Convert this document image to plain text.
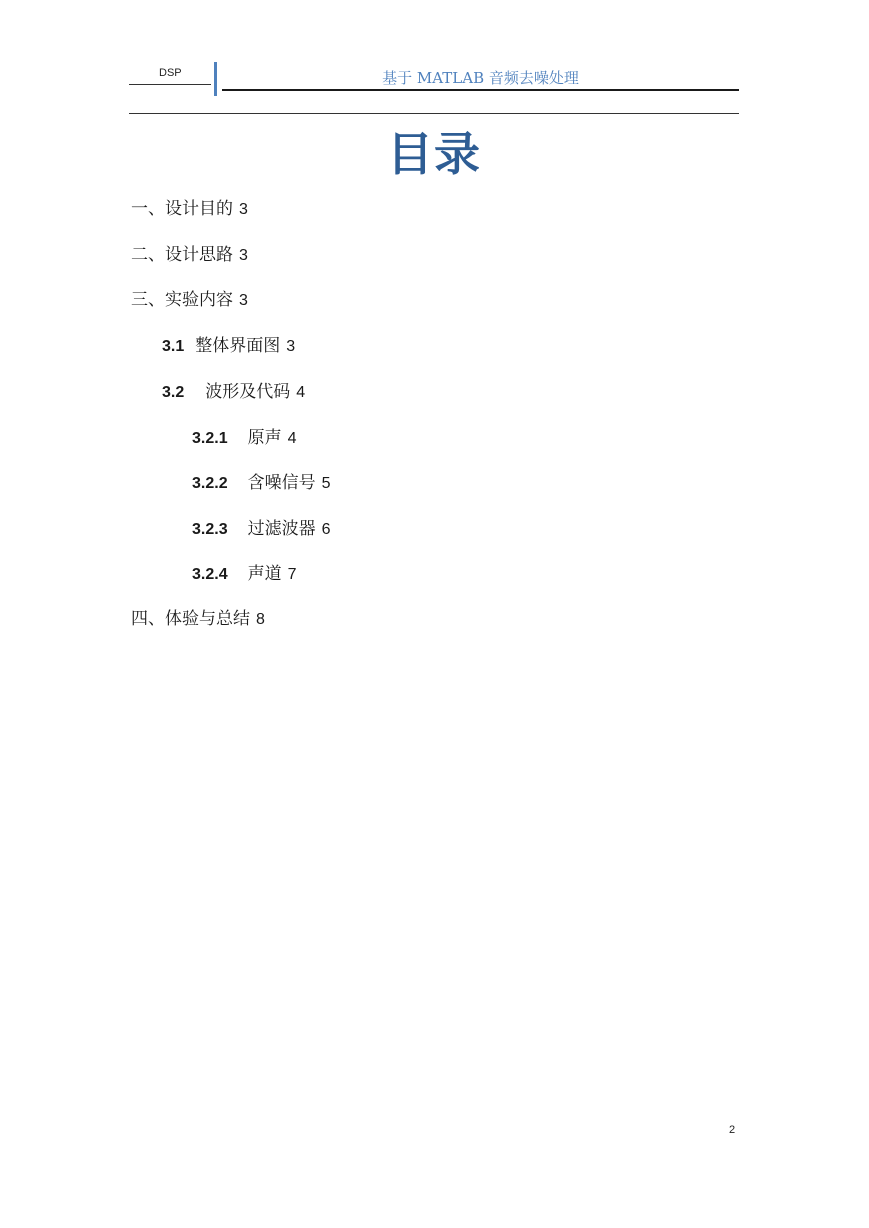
DSP	基于 MATLAB 音频去噪处理
目录
一、设计目的 3
二、设计思路 3
三、实验内容 3
3.1 整体界面图 3
3.2 波形及代码 4
3.2.1 原声 4
3.2.2 含噪信号 5
3.2.3 过滤波器 6
3.2.4 声道 7
四、体验与总结 8
2
